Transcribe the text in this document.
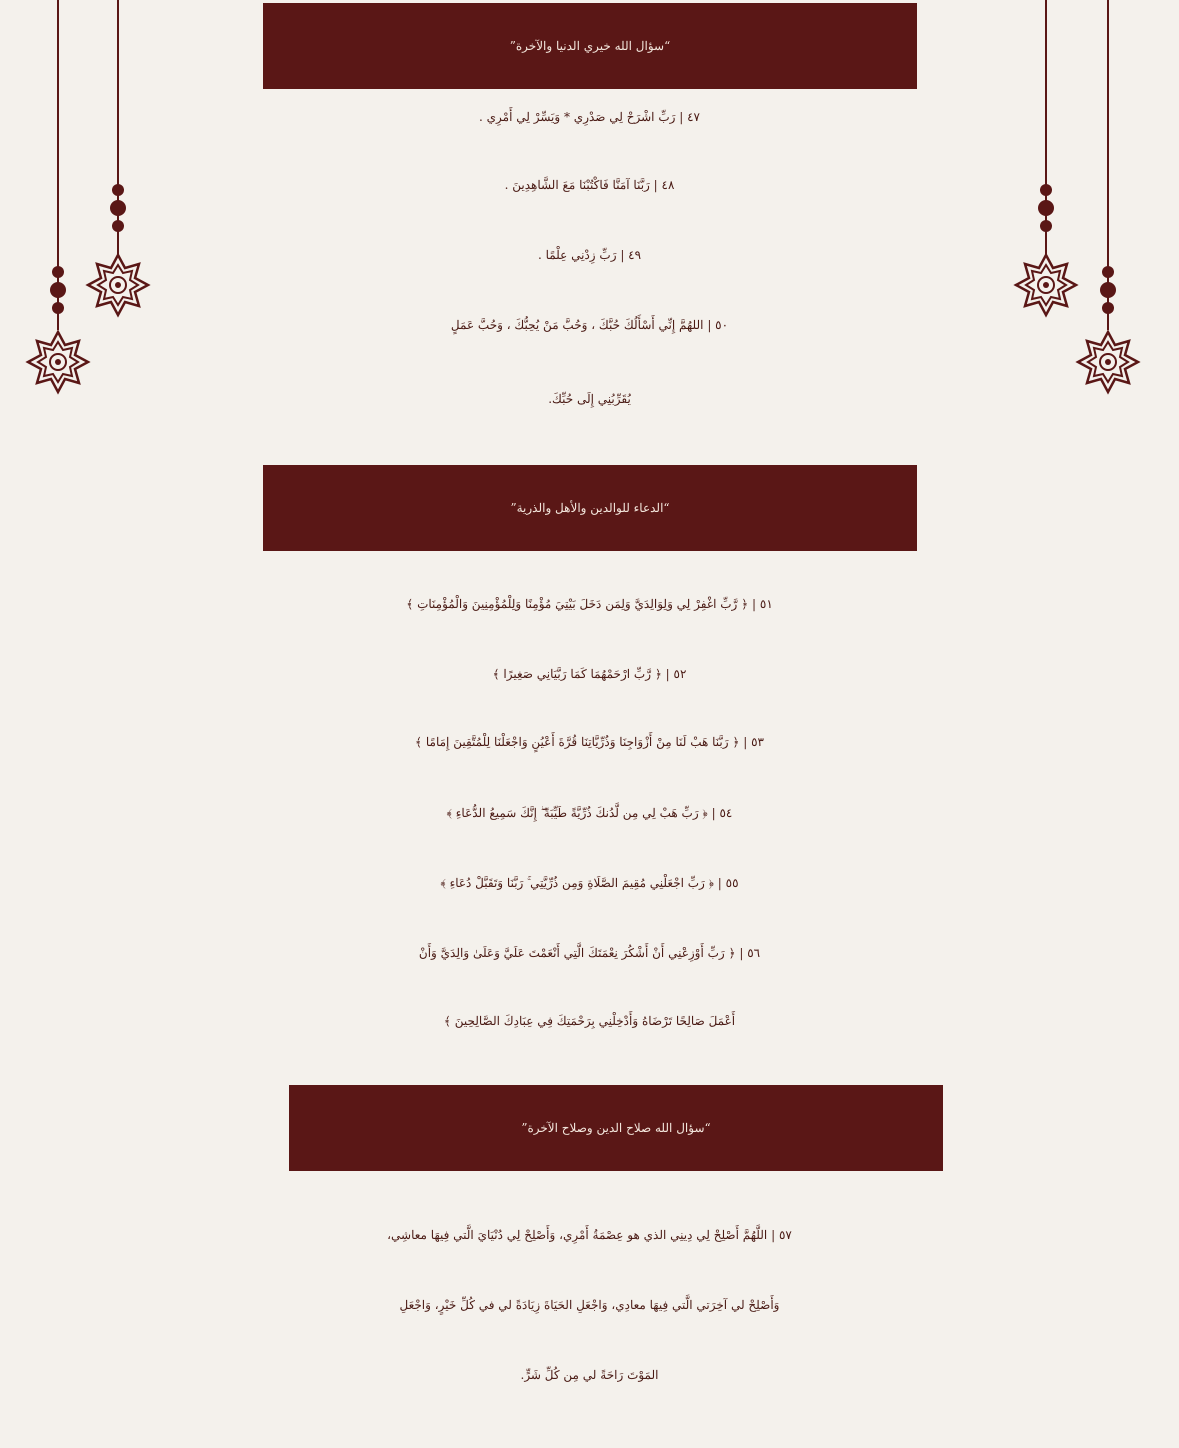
“سؤال الله خيري الدنيا والآخرة”
٤٧ | رَبِّ اشْرَحْ لِي صَدْرِي * وَيَسِّرْ لِي أَمْرِي .
٤٨ | رَبَّنَا آمَنَّا فَاكْتُبْنَا مَعَ الشَّاهِدِينَ .
٤٩ | رَبِّ زِدْنِي عِلْمًا .
٥٠ | اللهُمَّ إِنِّي أَسْأَلُكَ حُبَّكَ ، وَحُبَّ مَنْ يُحِبُّكَ ، وَحُبَّ عَمَلٍ
يُقَرِّبُنِي إِلَى حُبِّكَ.
“الدعاء للوالدين والأهل والذرية”
٥١ | ﴿ رَّبِّ اغْفِرْ لِي وَلِوَالِدَيَّ وَلِمَن دَخَلَ بَيْتِيَ مُؤْمِنًا وَلِلْمُؤْمِنِينَ وَالْمُؤْمِنَاتِ ﴾
٥٢ | ﴿ رَّبِّ ارْحَمْهُمَا كَمَا رَبَّيَانِي صَغِيرًا ﴾
٥٣ | ﴿ رَبَّنَا هَبْ لَنَا مِنْ أَزْوَاجِنَا وَذُرِّيَّاتِنَا قُرَّةَ أَعْيُنٍ وَاجْعَلْنَا لِلْمُتَّقِينَ إِمَامًا ﴾
٥٤ | ﴿ رَبِّ هَبْ لِي مِن لَّدُنكَ ذُرِّيَّةً طَيِّبَةً ۖ إِنَّكَ سَمِيعُ الدُّعَاءِ ﴾
٥٥ | ﴿ رَبِّ اجْعَلْنِي مُقِيمَ الصَّلَاةِ وَمِن ذُرِّيَّتِي ۚ رَبَّنَا وَتَقَبَّلْ دُعَاءِ ﴾
٥٦ | ﴿ رَبِّ أَوْزِعْنِي أَنْ أَشْكُرَ نِعْمَتَكَ الَّتِي أَنْعَمْتَ عَلَيَّ وَعَلَىٰ وَالِدَيَّ وَأَنْ
أَعْمَلَ صَالِحًا تَرْضَاهُ وَأَدْخِلْنِي بِرَحْمَتِكَ فِي عِبَادِكَ الصَّالِحِينَ ﴾
“سؤال الله صلاح الدين وصلاح الآخرة”
٥٧ | اللَّهُمَّ أَصْلِحْ لِي دِينِي الذي هو عِصْمَةُ أَمْرِي، وَأَصْلِحْ لِي دُنْيَايَ الَّتي فِيهَا معاشِي،
وَأَصْلِحْ لي آخِرَتي الَّتي فِيهَا معادِي، وَاجْعَلِ الحَيَاةَ زِيَادَةً لي في كُلِّ خَيْرٍ، وَاجْعَلِ
المَوْتَ رَاحَةً لي مِن كُلِّ شَرٍّ.
